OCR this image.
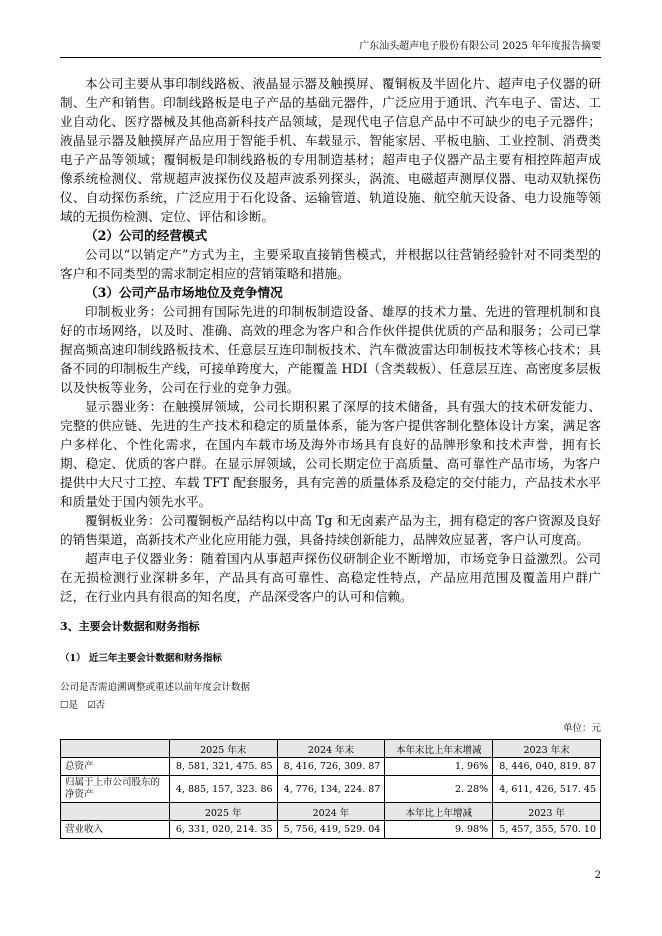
广东汕头超声电子股份有限公司 2025 年年度报告摘要

本公司主要从事印制线路板、液晶显示器及触摸屏、覆铜板及半固化片、超声电子仪器的研制、生产和销售。印制线路板是电子产品的基础元器件，广泛应用于通讯、汽车电子、雷达、工业自动化、医疗器械及其他高新科技产品领域，是现代电子信息产品中不可缺少的电子元器件；液晶显示器及触摸屏产品应用于智能手机、车载显示、智能家居、平板电脑、工业控制、消费类电子产品等领域；覆铜板是印制线路板的专用制造基材；超声电子仪器产品主要有相控阵超声成像系统检测仪、常规超声波探伤仪及超声波系列探头，涡流、电磁超声测厚仪器、电动双轨探伤仪、自动探伤系统，广泛应用于石化设备、运输管道、轨道设施、航空航天设备、电力设施等领域的无损伤检测、定位、评估和诊断。

（2）公司的经营模式

公司以“以销定产”方式为主，主要采取直接销售模式，并根据以往营销经验针对不同类型的客户和不同类型的需求制定相应的营销策略和措施。

（3）公司产品市场地位及竞争情况

印制板业务：公司拥有国际先进的印制板制造设备、雄厚的技术力量、先进的管理机制和良好的市场网络，以及时、准确、高效的理念为客户和合作伙伴提供优质的产品和服务；公司已掌握高频高速印制线路板技术、任意层互连印制板技术、汽车微波雷达印制板技术等核心技术；具备不同的印制板生产线，可接单跨度大，产能覆盖 HDI（含类载板）、任意层互连、高密度多层板以及快板等业务，公司在行业的竞争力强。

显示器业务：在触摸屏领域，公司长期积累了深厚的技术储备，具有强大的技术研发能力、完整的供应链、先进的生产技术和稳定的质量体系，能为客户提供客制化整体设计方案，满足客户多样化、个性化需求，在国内车载市场及海外市场具有良好的品牌形象和技术声誉，拥有长期、稳定、优质的客户群。在显示屏领域，公司长期定位于高质量、高可靠性产品市场，为客户提供中大尺寸工控、车载 TFT 配套服务，具有完善的质量体系及稳定的交付能力，产品技术水平和质量处于国内领先水平。

覆铜板业务：公司覆铜板产品结构以中高 Tg 和无卤素产品为主，拥有稳定的客户资源及良好的销售渠道，高新技术产业化应用能力强，具备持续创新能力，品牌效应显著，客户认可度高。

超声电子仪器业务：随着国内从事超声探伤仪研制企业不断增加，市场竞争日益激烈。公司在无损检测行业深耕多年，产品具有高可靠性、高稳定性特点，产品应用范围及覆盖用户群广泛，在行业内具有很高的知名度，产品深受客户的认可和信赖。

3、主要会计数据和财务指标
（1） 近三年主要会计数据和财务指标
公司是否需追溯调整或重述以前年度会计数据
☐是 ☑否
单位：元
	2025 年末	2024 年末	本年末比上年末增减	2023 年末
总资产	8, 581, 321, 475. 85	8, 416, 726, 309. 87	1. 96%	8, 446, 040, 819. 87
归属于上市公司股东的净资产	4, 885, 157, 323. 86	4, 776, 134, 224. 87	2. 28%	4, 611, 426, 517. 45
	2025 年	2024 年	本年比上年增减	2023 年
营业收入	6, 331, 020, 214. 35	5, 756, 419, 529. 04	9. 98%	5, 457, 355, 570. 10
2
